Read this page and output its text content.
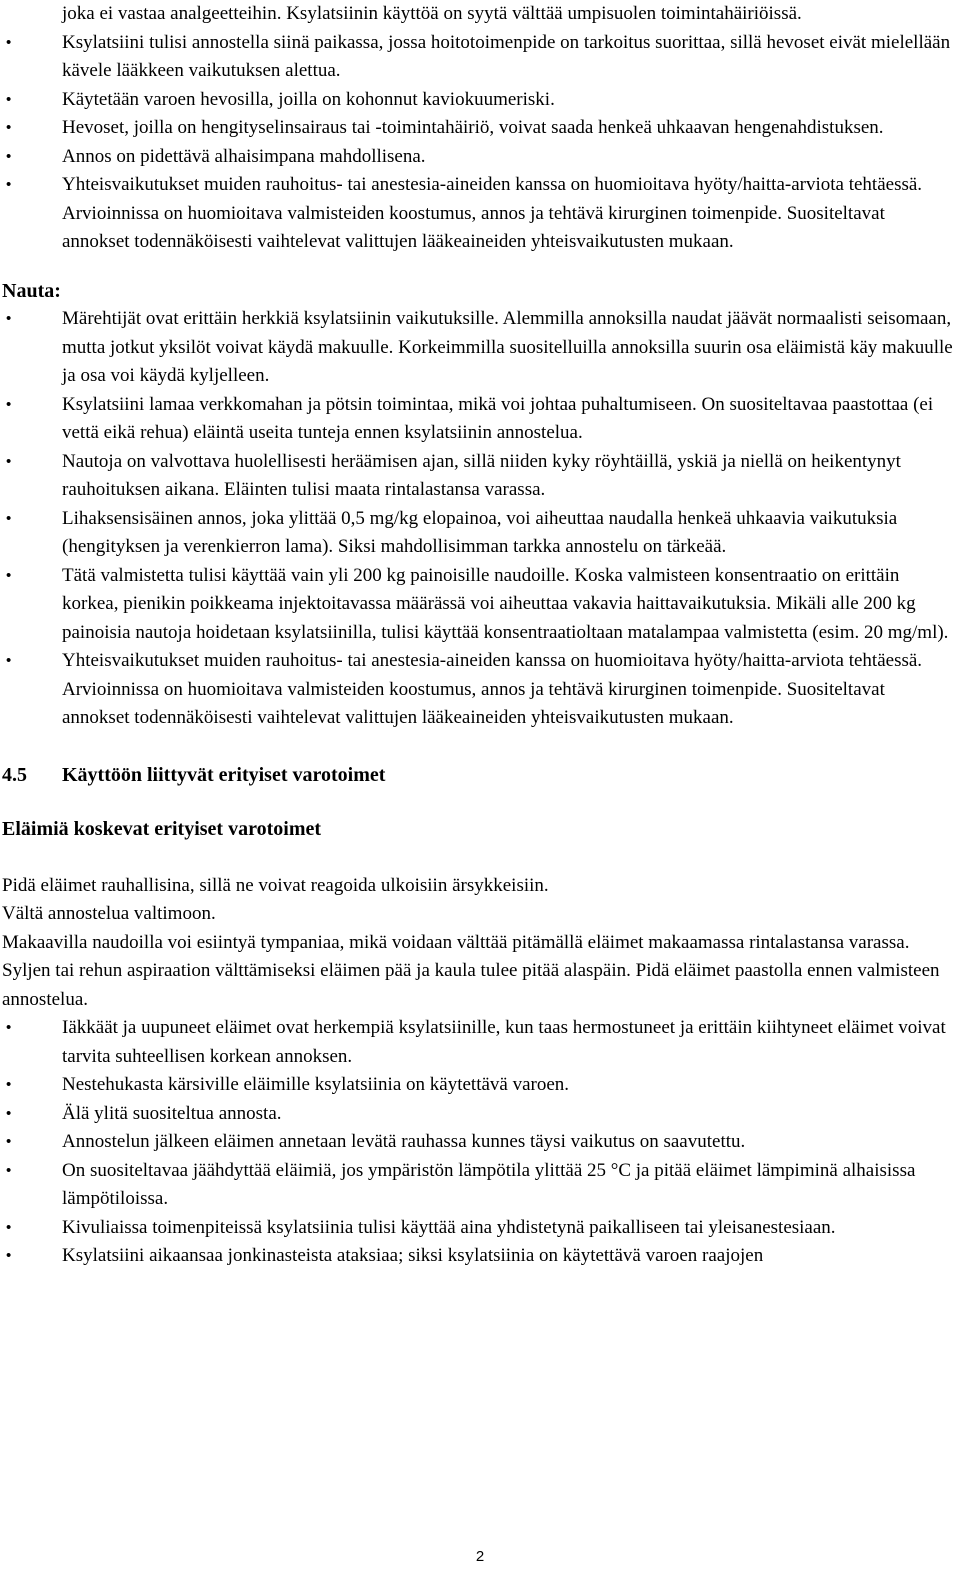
joka ei vastaa analgeetteihin. Ksylatsiinin käyttöä on syytä välttää umpisuolen toimintahäiriöissä.
• Ksylatsiini tulisi annostella siinä paikassa, jossa hoitotoimenpide on tarkoitus suorittaa, sillä hevoset eivät mielellään kävele lääkkeen vaikutuksen alettua.
• Käytetään varoen hevosilla, joilla on kohonnut kaviokuumeriski.
• Hevoset, joilla on hengityselinsairaus tai -toimintahäiriö, voivat saada henkeä uhkaavan hengenahdistuksen.
• Annos on pidettävä alhaisimpana mahdollisena.
• Yhteisvaikutukset muiden rauhoitus- tai anestesia-aineiden kanssa on huomioitava hyöty/haitta-arviota tehtäessä. Arvioinnissa on huomioitava valmisteiden koostumus, annos ja tehtävä kirurginen toimenpide. Suositeltavat annokset todennäköisesti vaihtelevat valittujen lääkeaineiden yhteisvaikutusten mukaan.
Nauta:
• Märehtijät ovat erittäin herkkiä ksylatsiinin vaikutuksille. Alemmilla annoksilla naudat jäävät normaalisti seisomaan, mutta jotkut yksilöt voivat käydä makuulle. Korkeimmilla suositelluilla annoksilla suurin osa eläimistä käy makuulle ja osa voi käydä kyljelleen.
• Ksylatsiini lamaa verkkomahan ja pötsin toimintaa, mikä voi johtaa puhaltumiseen. On suositeltavaa paastottaa (ei vettä eikä rehua) eläintä useita tunteja ennen ksylatsiinin annostelua.
• Nautoja on valvottava huolellisesti heräämisen ajan, sillä niiden kyky röyhtäillä, yskiä ja niellä on heikentynyt rauhoituksen aikana. Eläinten tulisi maata rintalastansa varassa.
• Lihaksensisäinen annos, joka ylittää 0,5 mg/kg elopainoa, voi aiheuttaa naudalla henkeä uhkaavia vaikutuksia (hengityksen ja verenkierron lama). Siksi mahdollisimman tarkka annostelu on tärkeää.
• Tätä valmistetta tulisi käyttää vain yli 200 kg painoisille naudoille. Koska valmisteen konsentraatio on erittäin korkea, pienikin poikkeama injektoitavassa määrässä voi aiheuttaa vakavia haittavaikutuksia. Mikäli alle 200 kg painoisia nautoja hoidetaan ksylatsiinilla, tulisi käyttää konsentraatioltaan matalampaa valmistetta (esim. 20 mg/ml).
• Yhteisvaikutukset muiden rauhoitus- tai anestesia-aineiden kanssa on huomioitava hyöty/haitta-arviota tehtäessä. Arvioinnissa on huomioitava valmisteiden koostumus, annos ja tehtävä kirurginen toimenpide. Suositeltavat annokset todennäköisesti vaihtelevat valittujen lääkeaineiden yhteisvaikutusten mukaan.
4.5 Käyttöön liittyvät erityiset varotoimet
Eläimiä koskevat erityiset varotoimet

Pidä eläimet rauhallisina, sillä ne voivat reagoida ulkoisiin ärsykkeisiin.

Vältä annostelua valtimoon.

Makaavilla naudoilla voi esiintyä tympaniaa, mikä voidaan välttää pitämällä eläimet makaamassa rintalastansa varassa.

Syljen tai rehun aspiraation välttämiseksi eläimen pää ja kaula tulee pitää alaspäin. Pidä eläimet paastolla ennen valmisteen annostelua.

• Iäkkäät ja uupuneet eläimet ovat herkempiä ksylatsiinille, kun taas hermostuneet ja erittäin kiihtyneet eläimet voivat tarvita suhteellisen korkean annoksen.
• Nestehukasta kärsiville eläimille ksylatsiinia on käytettävä varoen.
• Älä ylitä suositeltua annosta.
• Annostelun jälkeen eläimen annetaan levätä rauhassa kunnes täysi vaikutus on saavutettu.
• On suositeltavaa jäähdyttää eläimiä, jos ympäristön lämpötila ylittää 25 °C ja pitää eläimet lämpiminä alhaisissa lämpötiloissa.
• Kivuliaissa toimenpiteissä ksylatsiinia tulisi käyttää aina yhdistetynä paikalliseen tai yleisanestesiaan.
• Ksylatsiini aikaansaa jonkinasteista ataksiaa; siksi ksylatsiinia on käytettävä varoen raajojen
2
